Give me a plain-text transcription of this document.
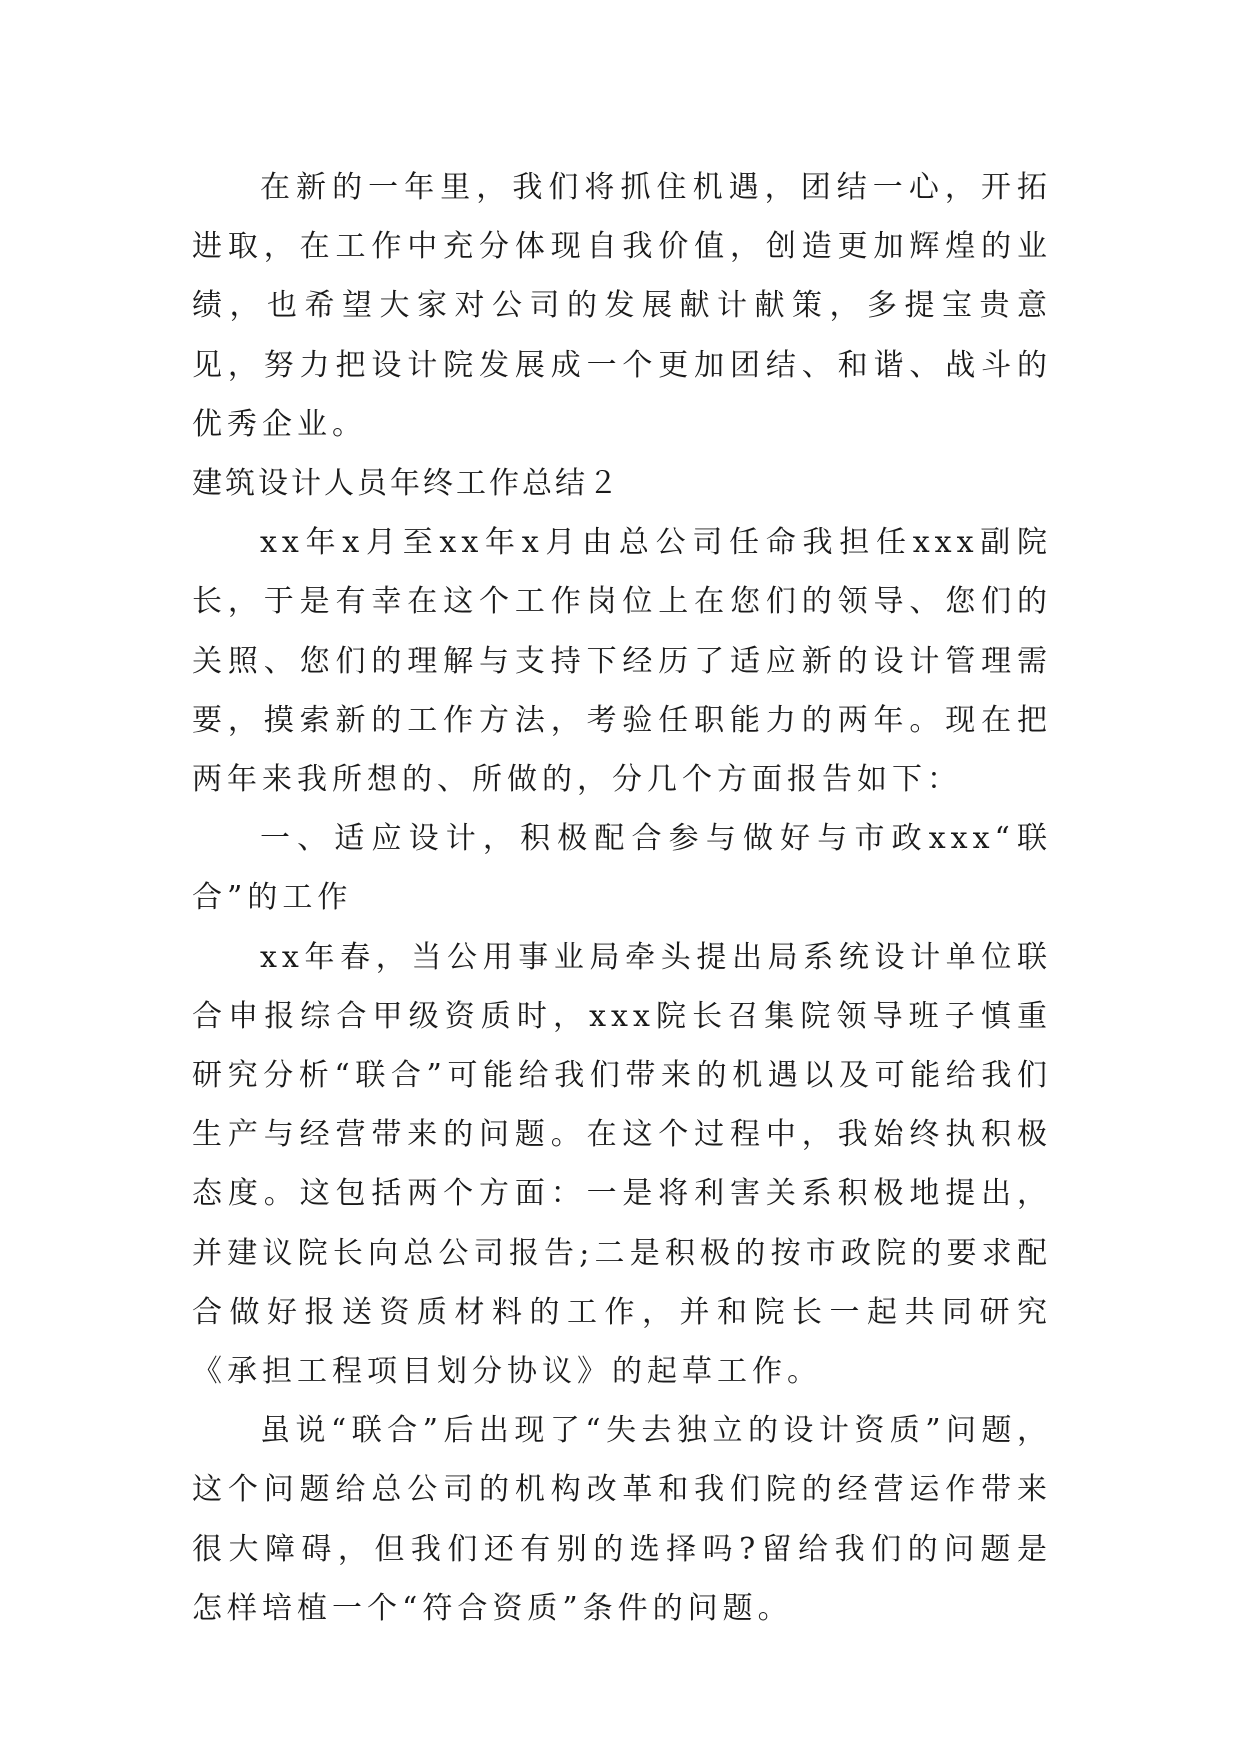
在新的一年里，我们将抓住机遇，团结一心，开拓进取，在工作中充分体现自我价值，创造更加辉煌的业绩，也希望大家对公司的发展献计献策，多提宝贵意见，努力把设计院发展成一个更加团结、和谐、战斗的优秀企业。

建筑设计人员年终工作总结２

xx年x月至xx年x月由总公司任命我担任xxx副院长，于是有幸在这个工作岗位上在您们的领导、您们的关照、您们的理解与支持下经历了适应新的设计管理需要，摸索新的工作方法，考验任职能力的两年。现在把两年来我所想的、所做的，分几个方面报告如下：

一、适应设计，积极配合参与做好与市政xxx“联合”的工作

xx年春，当公用事业局牵头提出局系统设计单位联合申报综合甲级资质时，xxx院长召集院领导班子慎重研究分析“联合”可能给我们带来的机遇以及可能给我们生产与经营带来的问题。在这个过程中，我始终执积极态度。这包括两个方面：一是将利害关系积极地提出，并建议院长向总公司报告;二是积极的按市政院的要求配合做好报送资质材料的工作，并和院长一起共同研究《承担工程项目划分协议》的起草工作。

虽说“联合”后出现了“失去独立的设计资质”问题，这个问题给总公司的机构改革和我们院的经营运作带来很大障碍，但我们还有别的选择吗?留给我们的问题是怎样培植一个“符合资质”条件的问题。
